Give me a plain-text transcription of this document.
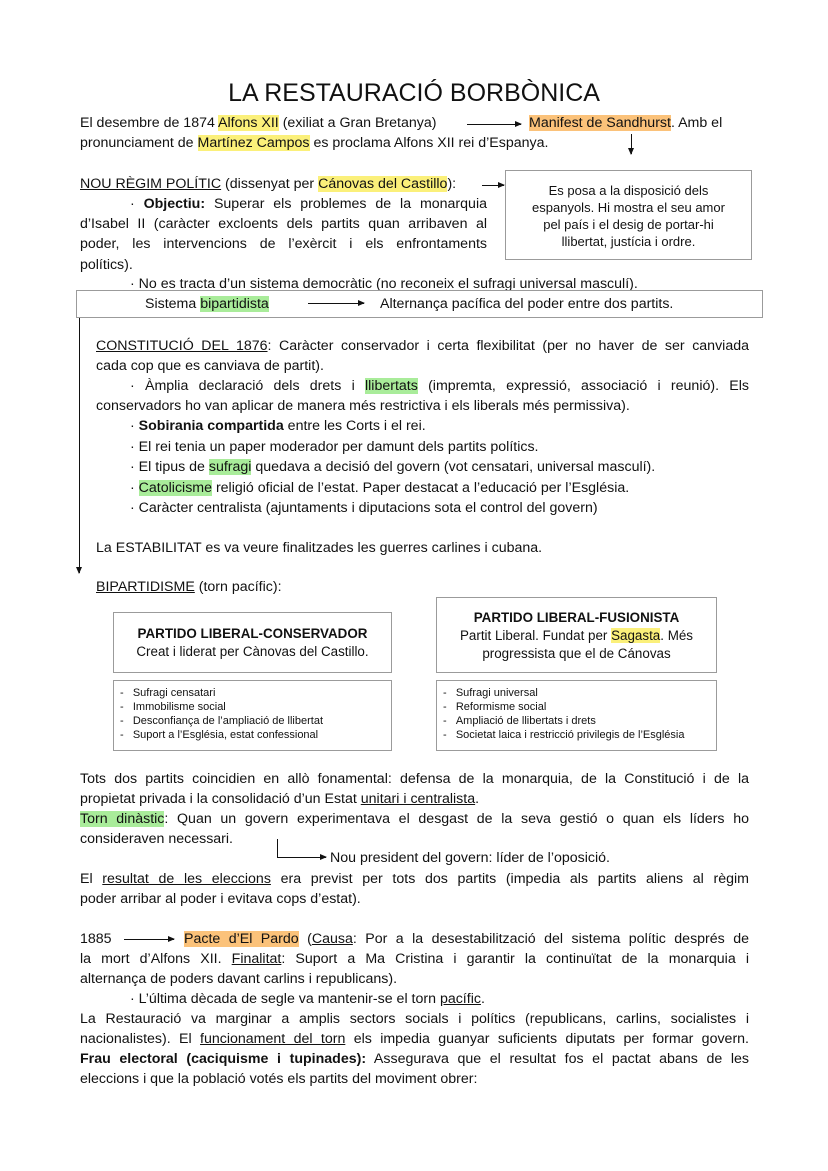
LA RESTAURACIÓ BORBÒNICA
El desembre de 1874 Alfons XII (exiliat a Gran Bretanya)	Manifest de Sandhurst. Amb el
pronunciament de Martínez Campos es proclama Alfons XII rei d’Espanya.
NOU RÈGIM POLÍTIC (dissenyat per Cánovas del Castillo):	Es posa a la disposició dels
espanyols. Hi mostra el seu amor
pel país i el desig de portar-hi
llibertat, justícia i ordre.
· Objectiu: Superar els problemes de la monarquia
d’Isabel II (caràcter excloents dels partits quan arribaven al
poder, les intervencions de l’exèrcit i els enfrontaments
polítics).
· No es tracta d’un sistema democràtic (no reconeix el sufragi universal masculí).
Sistema bipartidista	Alternança pacífica del poder entre dos partits.
CONSTITUCIÓ DEL 1876: Caràcter conservador i certa flexibilitat (per no haver de ser canviada
cada cop que es canviava de partit).
· Àmplia declaració dels drets i llibertats (impremta, expressió, associació i reunió). Els
conservadors ho van aplicar de manera més restrictiva i els liberals més permissiva).
· Sobirania compartida entre les Corts i el rei.
· El rei tenia un paper moderador per damunt dels partits polítics.
· El tipus de sufragi quedava a decisió del govern (vot censatari, universal masculí).
· Catolicisme religió oficial de l’estat. Paper destacat a l’educació per l’Església.
· Caràcter centralista (ajuntaments i diputacions sota el control del govern)
La ESTABILITAT es va veure finalitzades les guerres carlines i cubana.
BIPARTIDISME (torn pacífic):
PARTIDO LIBERAL-CONSERVADOR
Creat i liderat per Cànovas del Castillo.
PARTIDO LIBERAL-FUSIONISTA
Partit Liberal. Fundat per Sagasta. Més
progressista que el de Cánovas
-   Sufragi censatari
-   Immobilisme social
-   Desconfiança de l’ampliació de llibertat
-   Suport a l’Església, estat confessional
-   Sufragi universal
-   Reformisme social
-   Ampliació de llibertats i drets
-   Societat laica i restricció privilegis de l’Església
Tots dos partits coincidien en allò fonamental: defensa de la monarquia, de la Constitució i de la
propietat privada i la consolidació d’un Estat unitari i centralista.
Torn dinàstic: Quan un govern experimentava el desgast de la seva gestió o quan els líders ho
consideraven necessari.
Nou president del govern: líder de l’oposició.
El resultat de les eleccions era previst per tots dos partits (impedia als partits aliens al règim
poder arribar al poder i evitava cops d’estat).
1885	Pacte d’El Pardo (Causa: Por a la desestabilització del sistema polític després de
la mort d’Alfons XII. Finalitat: Suport a Ma Cristina i garantir la continuïtat de la monarquia i
alternança de poders davant carlins i republicans).
· L’última dècada de segle va mantenir-se el torn pacífic.
La Restauració va marginar a amplis sectors socials i polítics (republicans, carlins, socialistes i
nacionalistes). El funcionament del torn els impedia guanyar suficients diputats per formar govern.
Frau electoral (caciquisme i tupinades): Assegurava que el resultat fos el pactat abans de les
eleccions i que la població votés els partits del moviment obrer:
